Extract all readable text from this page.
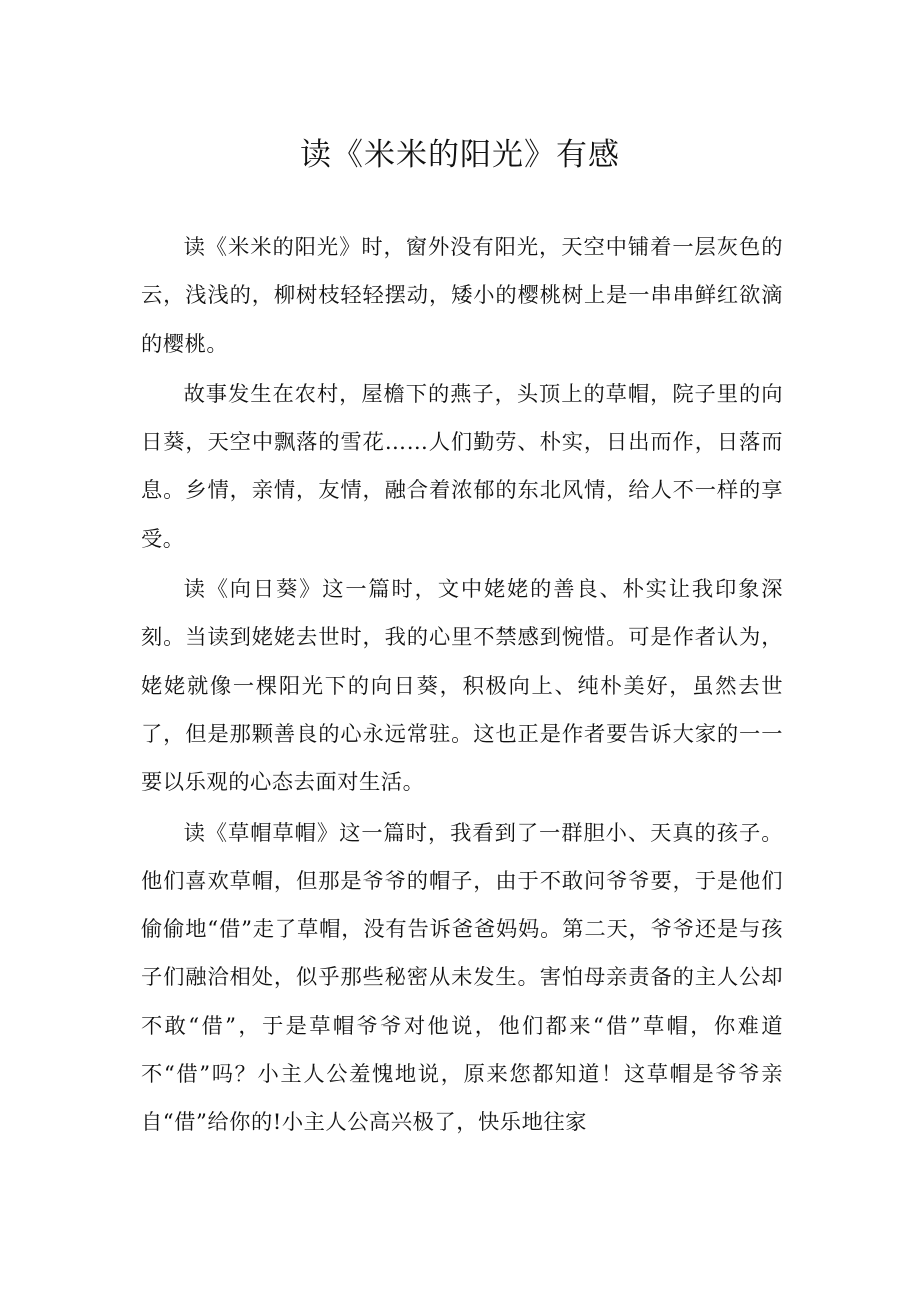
读《米米的阳光》有感

读《米米的阳光》时，窗外没有阳光，天空中铺着一层灰色的云，浅浅的，柳树枝轻轻摆动，矮小的樱桃树上是一串串鲜红欲滴的樱桃。

故事发生在农村，屋檐下的燕子，头顶上的草帽，院子里的向日葵，天空中飘落的雪花……人们勤劳、朴实，日出而作，日落而息。乡情，亲情，友情，融合着浓郁的东北风情，给人不一样的享受。

读《向日葵》这一篇时，文中姥姥的善良、朴实让我印象深刻。当读到姥姥去世时，我的心里不禁感到惋惜。可是作者认为，姥姥就像一棵阳光下的向日葵，积极向上、纯朴美好，虽然去世了，但是那颗善良的心永远常驻。这也正是作者要告诉大家的一一要以乐观的心态去面对生活。

读《草帽草帽》这一篇时，我看到了一群胆小、天真的孩子。他们喜欢草帽，但那是爷爷的帽子，由于不敢问爷爷要，于是他们偷偷地“借”走了草帽，没有告诉爸爸妈妈。第二天，爷爷还是与孩子们融洽相处，似乎那些秘密从未发生。害怕母亲责备的主人公却不敢“借”，于是草帽爷爷对他说，他们都来“借”草帽，你难道不“借”吗？小主人公羞愧地说，原来您都知道！这草帽是爷爷亲自“借”给你的!小主人公高兴极了，快乐地往家
